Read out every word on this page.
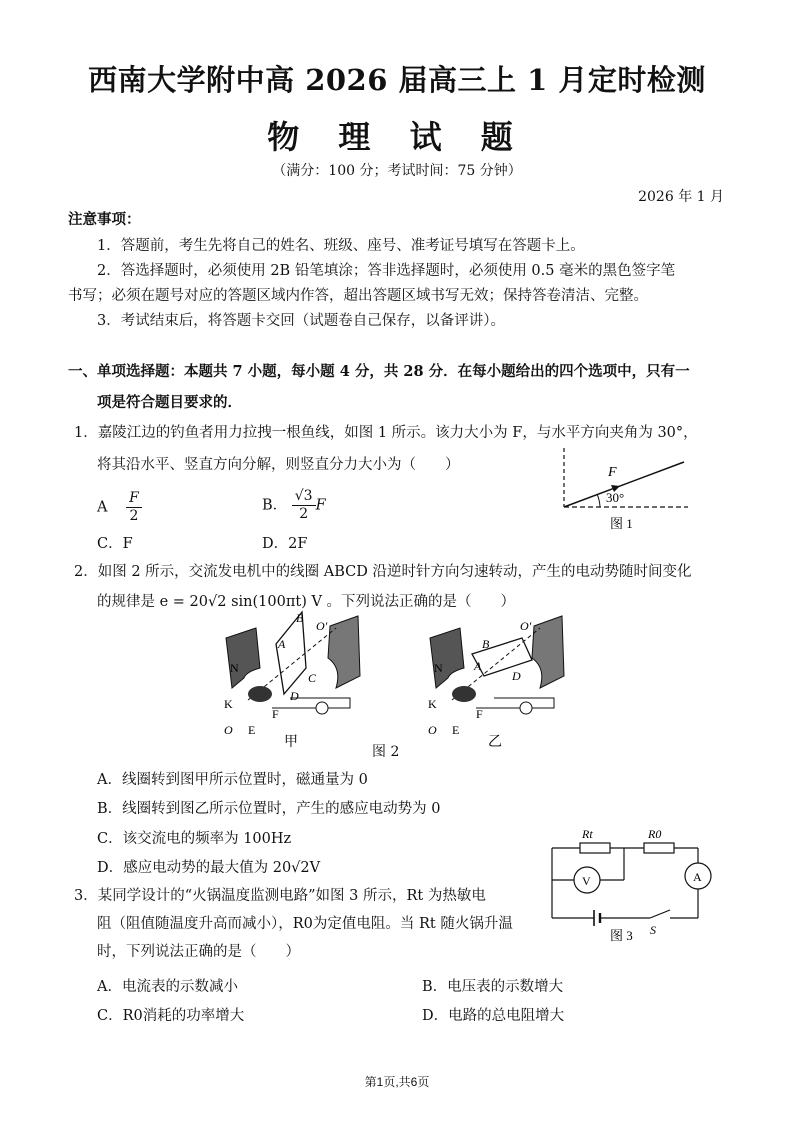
西南大学附中高 2026 届高三上 1 月定时检测
物 理 试 题
（满分：100 分；考试时间：75 分钟）
2026 年 1 月
注意事项：
1．答题前，考生先将自己的姓名、班级、座号、准考证号填写在答题卡上。
2．答选择题时，必须使用 2B 铅笔填涂；答非选择题时，必须使用 0.5 毫米的黑色签字笔
书写；必须在题号对应的答题区域内作答，超出答题区域书写无效；保持答卷清洁、完整。
3．考试结束后，将答题卡交回（试题卷自己保存，以备评讲）。
一、单项选择题：本题共 7 小题，每小题 4 分，共 28 分．在每小题给出的四个选项中，只有一
项是符合题目要求的．
1．嘉陵江边的钓鱼者用力拉拽一根鱼线，如图 1 所示。该力大小为 F，与水平方向夹角为 30°，
将其沿水平、竖直方向分解，则竖直分力大小为（　　）
A $\frac{F}{2}$	B． $\frac{√3}{2}$ F
C．F	D．2F
F
30°
图 1
2．如图 2 所示，交流发电机中的线圈 ABCD 沿逆时针方向匀速转动，产生的电动势随时间变化
的规律是 e = 20√2 sin(100πt) V 。下列说法正确的是（　　）
N
B
A
C
D
O′
K
O E
F
甲
图 2
N
B
A
D
O′
K
O E
F
乙
A．线圈转到图甲所示位置时，磁通量为 0
B．线圈转到图乙所示位置时，产生的感应电动势为 0
C．该交流电的频率为 100Hz
D．感应电动势的最大值为 20√2V
3．某同学设计的“火锅温度监测电路”如图 3 所示，Rt 为热敏电
阻（阻值随温度升高而减小），R0为定值电阻。当 Rt 随火锅升温
时，下列说法正确的是（　　）
Rt	R0
V	A
S
图 3
A．电流表的示数减小	B．电压表的示数增大
C．R0消耗的功率增大	D．电路的总电阻增大
第1页,共6页
